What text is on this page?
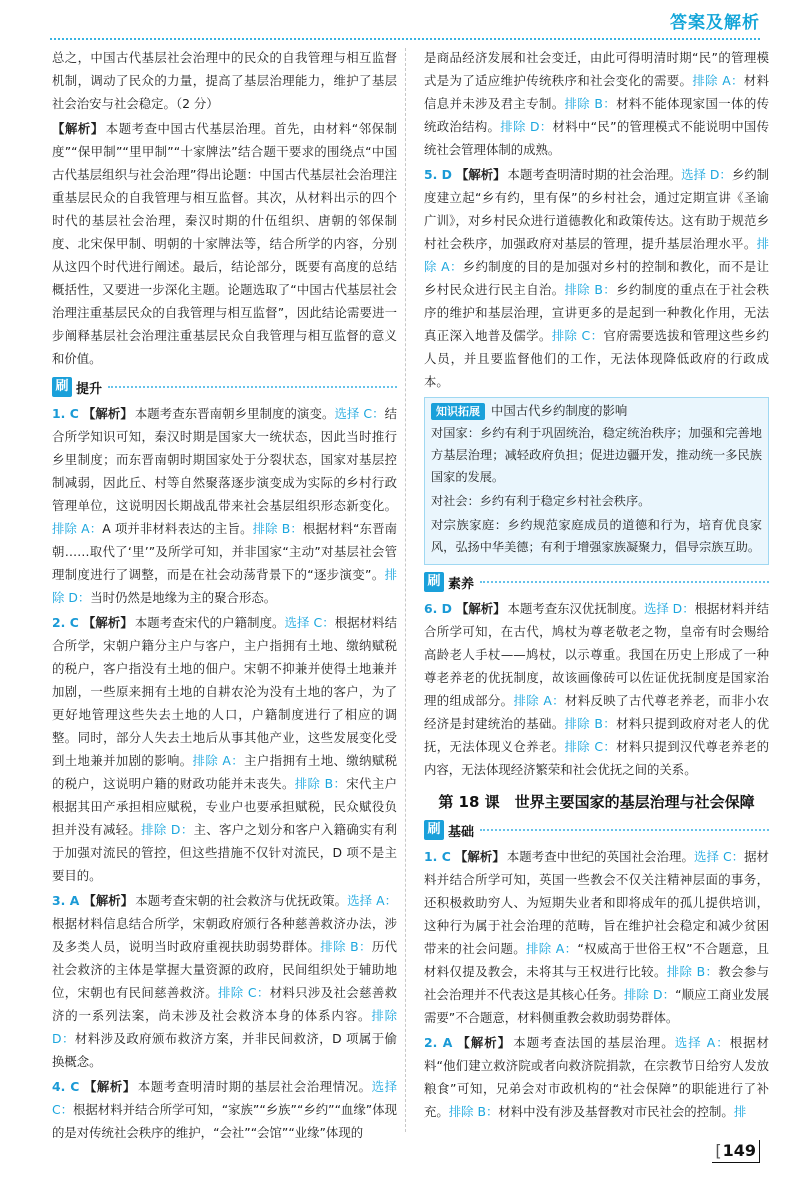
答案及解析

总之，中国古代基层社会治理中的民众的自我管理与相互监督机制，调动了民众的力量，提高了基层治理能力，维护了基层社会治安与社会稳定。（2 分）

【解析】 本题考查中国古代基层治理。首先，由材料“邻保制度”“保甲制”“里甲制”“十家牌法”结合题干要求的围绕点“中国古代基层组织与社会治理”得出论题：中国古代基层社会治理注重基层民众的自我管理与相互监督。其次，从材料出示的四个时代的基层社会治理，秦汉时期的什伍组织、唐朝的邻保制度、北宋保甲制、明朝的十家牌法等，结合所学的内容，分别从这四个时代进行阐述。最后，结论部分，既要有高度的总结概括性，又要进一步深化主题。论题选取了“中国古代基层社会治理注重基层民众的自我管理与相互监督”，因此结论需要进一步阐释基层社会治理注重基层民众自我管理与相互监督的意义和价值。

刷 提升

1. C 【解析】 本题考查东晋南朝乡里制度的演变。选择 C：结合所学知识可知，秦汉时期是国家大一统状态，因此当时推行乡里制度；而东晋南朝时期国家处于分裂状态，国家对基层控制减弱，因此丘、村等自然聚落逐步演变成为实际的乡村行政管理单位，这说明因长期战乱带来社会基层组织形态新变化。排除 A：A 项并非材料表达的主旨。排除 B：根据材料“东晋南朝……取代了‘里’”及所学可知，并非国家“主动”对基层社会管理制度进行了调整，而是在社会动荡背景下的“逐步演变”。排除 D：当时仍然是地缘为主的聚合形态。

2. C 【解析】 本题考查宋代的户籍制度。选择 C：根据材料结合所学，宋朝户籍分主户与客户，主户指拥有土地、缴纳赋税的税户，客户指没有土地的佃户。宋朝不抑兼并使得土地兼并加剧，一些原来拥有土地的自耕农沦为没有土地的客户，为了更好地管理这些失去土地的人口，户籍制度进行了相应的调整。同时，部分人失去土地后从事其他产业，这些发展变化受到土地兼并加剧的影响。排除 A：主户指拥有土地、缴纳赋税的税户，这说明户籍的财政功能并未丧失。排除 B：宋代主户根据其田产承担相应赋税，专业户也要承担赋税，民众赋役负担并没有减轻。排除 D：主、客户之划分和客户入籍确实有利于加强对流民的管控，但这些措施不仅针对流民，D 项不是主要目的。

3. A 【解析】 本题考查宋朝的社会救济与优抚政策。选择 A：根据材料信息结合所学，宋朝政府颁行各种慈善救济办法，涉及多类人员，说明当时政府重视扶助弱势群体。排除 B：历代社会救济的主体是掌握大量资源的政府，民间组织处于辅助地位，宋朝也有民间慈善救济。排除 C：材料只涉及社会慈善救济的一系列法案，尚未涉及社会救济本身的体系内容。排除 D：材料涉及政府颁布救济方案，并非民间救济，D 项属于偷换概念。

4. C 【解析】 本题考查明清时期的基层社会治理情况。选择 C：根据材料并结合所学可知，“家族”“乡族”“乡约”“血缘”体现的是对传统社会秩序的维护，“会社”“会馆”“业缘”体现的

是商品经济发展和社会变迁，由此可得明清时期“民”的管理模式是为了适应维护传统秩序和社会变化的需要。排除 A：材料信息并未涉及君主专制。排除 B：材料不能体现家国一体的传统政治结构。排除 D：材料中“民”的管理模式不能说明中国传统社会管理体制的成熟。

5. D 【解析】 本题考查明清时期的社会治理。选择 D：乡约制度建立起“乡有约，里有保”的乡村社会，通过定期宣讲《圣谕广训》，对乡村民众进行道德教化和政策传达。这有助于规范乡村社会秩序，加强政府对基层的管理，提升基层治理水平。排除 A：乡约制度的目的是加强对乡村的控制和教化，而不是让乡村民众进行民主自治。排除 B：乡约制度的重点在于社会秩序的维护和基层治理，宣讲更多的是起到一种教化作用，无法真正深入地普及儒学。排除 C：官府需要选拔和管理这些乡约人员，并且要监督他们的工作，无法体现降低政府的行政成本。

知识拓展 中国古代乡约制度的影响

对国家：乡约有利于巩固统治，稳定统治秩序；加强和完善地方基层治理；减轻政府负担；促进边疆开发，推动统一多民族国家的发展。

对社会：乡约有利于稳定乡村社会秩序。

对宗族家庭：乡约规范家庭成员的道德和行为，培育优良家风，弘扬中华美德；有利于增强家族凝聚力，倡导宗族互助。

刷 素养

6. D 【解析】 本题考查东汉优抚制度。选择 D：根据材料并结合所学可知，在古代，鸠杖为尊老敬老之物，皇帝有时会赐给高龄老人手杖——鸠杖，以示尊重。我国在历史上形成了一种尊老养老的优抚制度，故该画像砖可以佐证优抚制度是国家治理的组成部分。排除 A：材料反映了古代尊老养老，而非小农经济是封建统治的基础。排除 B：材料只提到政府对老人的优抚，无法体现义仓养老。排除 C：材料只提到汉代尊老养老的内容，无法体现经济繁荣和社会优抚之间的关系。

第 18 课　世界主要国家的基层治理与社会保障
刷 基础

1. C 【解析】 本题考查中世纪的英国社会治理。选择 C：据材料并结合所学可知，英国一些教会不仅关注精神层面的事务，还积极救助穷人、为短期失业者和即将成年的孤儿提供培训，这种行为属于社会治理的范畴，旨在维护社会稳定和减少贫困带来的社会问题。排除 A：“权威高于世俗王权”不合题意，且材料仅提及教会，未将其与王权进行比较。排除 B：教会参与社会治理并不代表这是其核心任务。排除 D：“顺应工商业发展需要”不合题意，材料侧重教会救助弱势群体。

2. A 【解析】 本题考查法国的基层治理。选择 A：根据材料“他们建立救济院或者向救济院捐款，在宗教节日给穷人发放粮食”可知，兄弟会对市政机构的“社会保障”的职能进行了补充。排除 B：材料中没有涉及基督教对市民社会的控制。排

[ 149
